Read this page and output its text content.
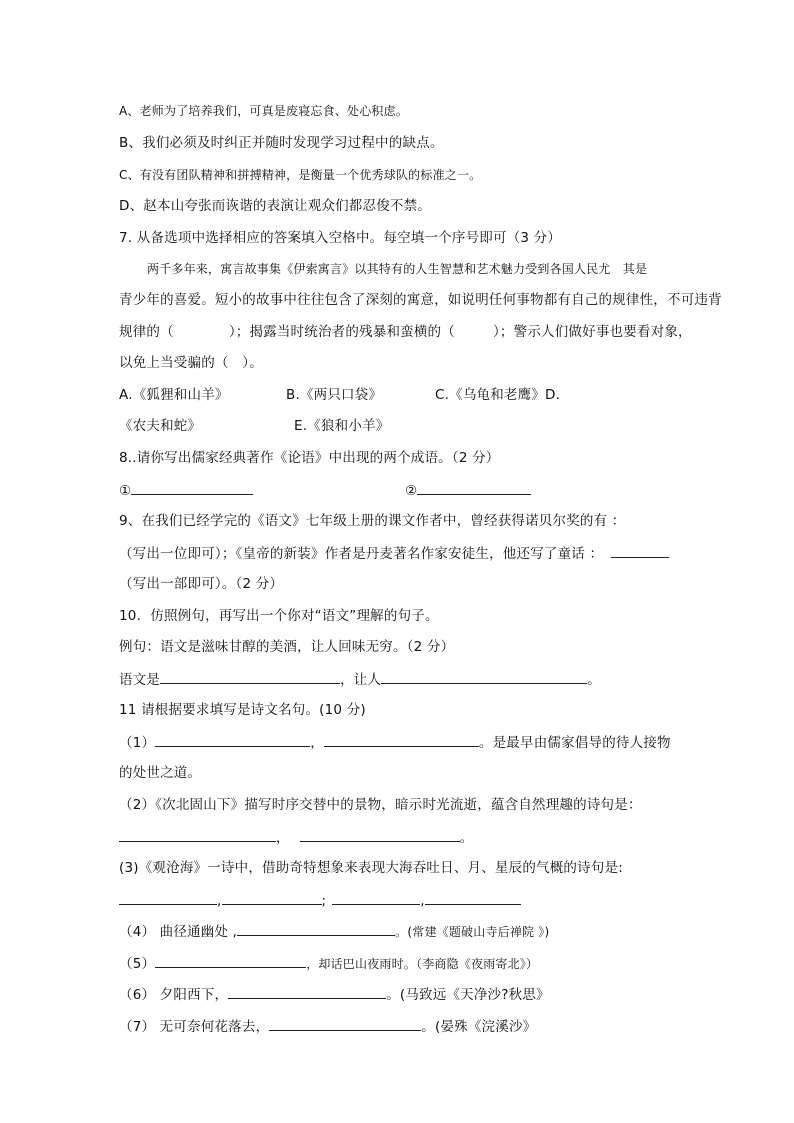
A、老师为了培养我们，可真是废寝忘食、处心积虑。
B、我们必须及时纠正并随时发现学习过程中的缺点。
C、有没有团队精神和拼搏精神，是衡量一个优秀球队的标准之一。
D、赵本山夸张而诙谐的表演让观众们都忍俊不禁。
7. 从备选项中选择相应的答案填入空格中。每空填一个序号即可（3 分）
两千多年来，寓言故事集《伊索寓言》以其特有的人生智慧和艺术魅力受到各国人民尤　其是
青少年的喜爱。短小的故事中往往包含了深刻的寓意，如说明任何事物都有自己的规律性，不可违背
规律的（	）；揭露当时统治者的残暴和蛮横的（	）；警示人们做好事也要看对象，
以免上当受骗的（　）。
A.《狐狸和山羊》	B.《两只口袋》	C.《乌龟和老鹰》D.
《农夫和蛇》	E.《狼和小羊》
8..请你写出儒家经典著作《论语》中出现的两个成语。（2 分）
①	②
9、在我们已经学完的《语文》七年级上册的课文作者中，曾经获得诺贝尔奖的有 ：
（写出一位即可）；《皇帝的新装》作者是丹麦著名作家安徒生，他还写了童话 ：
（写出一部即可）。（2 分）
10．仿照例句，再写出一个你对“语文”理解的句子。
例句：语文是滋味甘醇的美酒，让人回味无穷。（2 分）
语文是	，让人	。
11 请根据要求填写是诗文名句。(10 分)
（1）	，	。是最早由儒家倡导的待人接物
的处世之道。
（2）《次北固山下》描写时序交替中的景物，暗示时光流逝，蕴含自然理趣的诗句是：
，	。
(3)《观沧海》一诗中，借助奇特想象来表现大海吞吐日、月、星辰的气概的诗句是:
,	;	,
（4） 曲径通幽处 ,	。(常建《题破山寺后禅院 》)
（5）	，却话巴山夜雨时。（李商隐《夜雨寄北》）
（6） 夕阳西下，	。(马致远《天净沙?秋思》
（7） 无可奈何花落去，	。(晏殊《浣溪沙》
